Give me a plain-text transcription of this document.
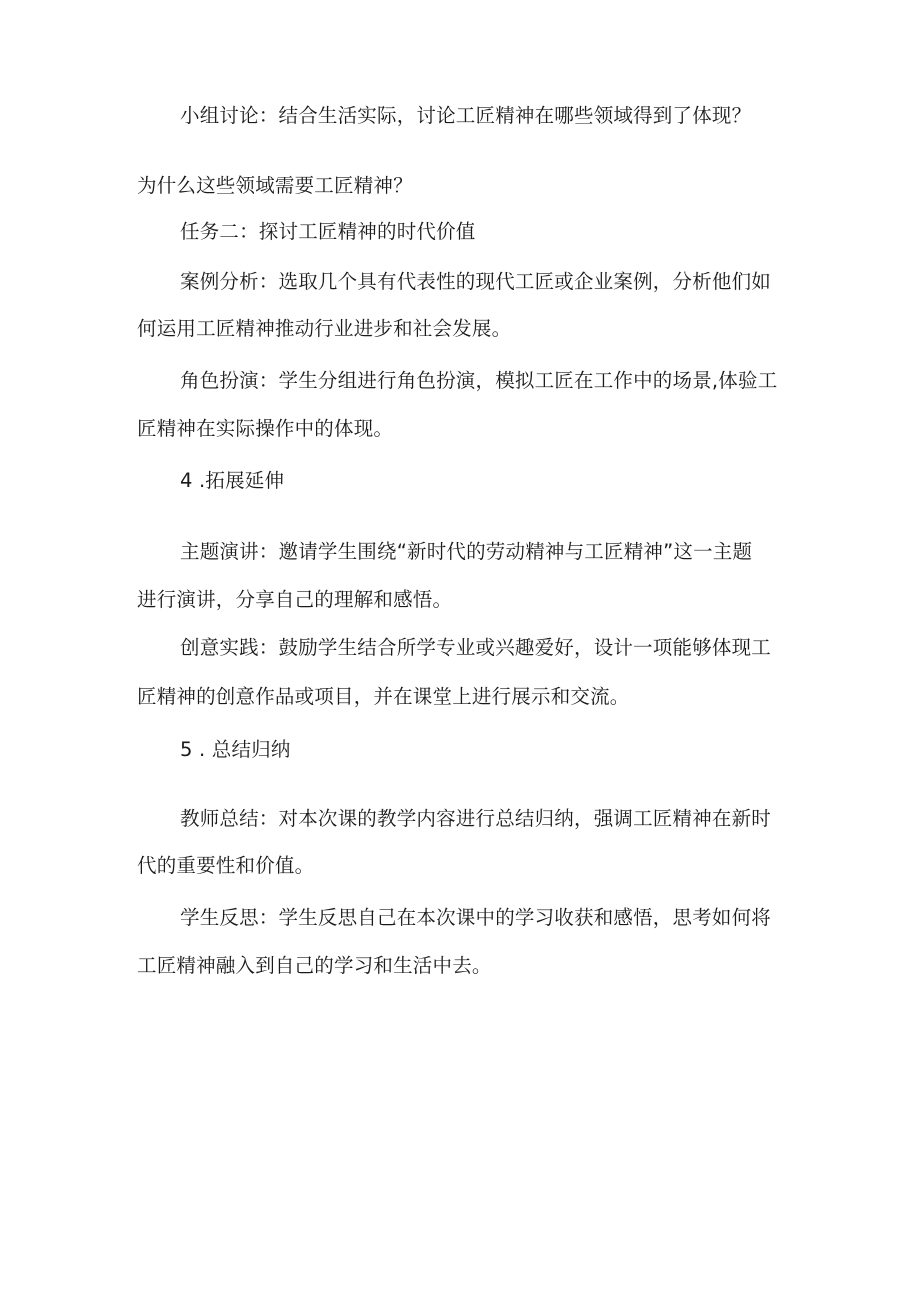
小组讨论：结合生活实际，讨论工匠精神在哪些领域得到了体现？
为什么这些领域需要工匠精神？
任务二：探讨工匠精神的时代价值
案例分析：选取几个具有代表性的现代工匠或企业案例，分析他们如
何运用工匠精神推动行业进步和社会发展。
角色扮演：学生分组进行角色扮演，模拟工匠在工作中的场景,体验工
匠精神在实际操作中的体现。
4 .拓展延伸
主题演讲：邀请学生围绕“新时代的劳动精神与工匠精神”这一主题
进行演讲，分享自己的理解和感悟。
创意实践：鼓励学生结合所学专业或兴趣爱好，设计一项能够体现工
匠精神的创意作品或项目，并在课堂上进行展示和交流。
5 . 总结归纳
教师总结：对本次课的教学内容进行总结归纳，强调工匠精神在新时
代的重要性和价值。
学生反思：学生反思自己在本次课中的学习收获和感悟，思考如何将
工匠精神融入到自己的学习和生活中去。
